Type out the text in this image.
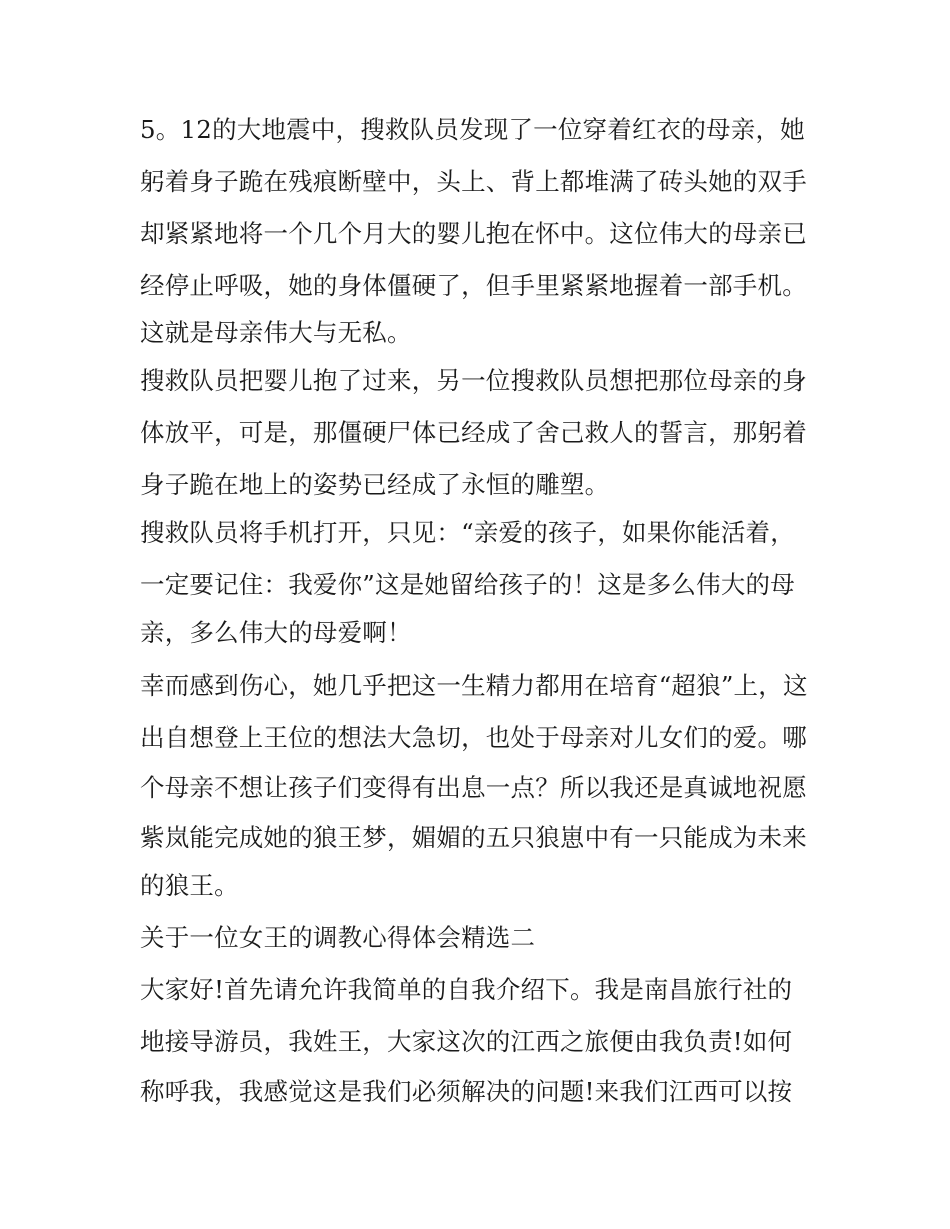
5。12的大地震中，搜救队员发现了一位穿着红衣的母亲，她
躬着身子跪在残痕断壁中，头上、背上都堆满了砖头她的双手
却紧紧地将一个几个月大的婴儿抱在怀中。这位伟大的母亲已
经停止呼吸，她的身体僵硬了，但手里紧紧地握着一部手机。
这就是母亲伟大与无私。
搜救队员把婴儿抱了过来，另一位搜救队员想把那位母亲的身
体放平，可是，那僵硬尸体已经成了舍己救人的誓言，那躬着
身子跪在地上的姿势已经成了永恒的雕塑。
搜救队员将手机打开，只见：“亲爱的孩子，如果你能活着，
一定要记住：我爱你”这是她留给孩子的！这是多么伟大的母
亲，多么伟大的母爱啊！
幸而感到伤心，她几乎把这一生精力都用在培育“超狼”上，这
出自想登上王位的想法大急切，也处于母亲对儿女们的爱。哪
个母亲不想让孩子们变得有出息一点？所以我还是真诚地祝愿
紫岚能完成她的狼王梦，媚媚的五只狼崽中有一只能成为未来
的狼王。
关于一位女王的调教心得体会精选二
大家好!首先请允许我简单的自我介绍下。我是南昌旅行社的
地接导游员，我姓王，大家这次的江西之旅便由我负责!如何
称呼我，我感觉这是我们必须解决的问题!来我们江西可以按
